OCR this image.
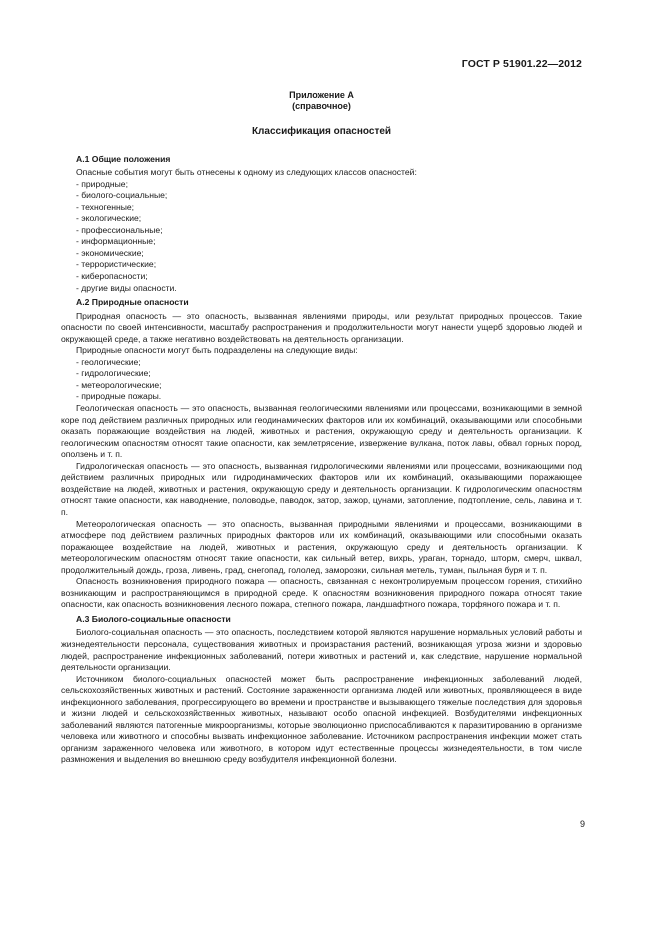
ГОСТ Р 51901.22—2012
Приложение А
(справочное)
Классификация опасностей
А.1 Общие положения

Опасные события могут быть отнесены к одному из следующих классов опасностей:

- природные;
- биолого-социальные;
- техногенные;
- экологические;
- профессиональные;
- информационные;
- экономические;
- террористические;
- киберопасности;
- другие виды опасности.
А.2 Природные опасности

Природная опасность — это опасность, вызванная явлениями природы, или результат природных процессов. Такие опасности по своей интенсивности, масштабу распространения и продолжительности могут нанести ущерб здоровью людей и окружающей среде, а также негативно воздействовать на деятельность организации.

Природные опасности могут быть подразделены на следующие виды:

- геологические;
- гидрологические;
- метеорологические;
- природные пожары.

Геологическая опасность — это опасность, вызванная геологическими явлениями или процессами, возникающими в земной коре под действием различных природных или геодинамических факторов или их комбинаций, оказывающими или способными оказать поражающие воздействия на людей, животных и растения, окружающую среду и деятельность организации. К геологическим опасностям относят такие опасности, как землетрясение, извержение вулкана, поток лавы, обвал горных пород, оползень и т. п.

Гидрологическая опасность — это опасность, вызванная гидрологическими явлениями или процессами, возникающими под действием различных природных или гидродинамических факторов или их комбинаций, оказывающими поражающее воздействие на людей, животных и растения, окружающую среду и деятельность организации. К гидрологическим опасностям относят такие опасности, как наводнение, половодье, паводок, затор, зажор, цунами, затопление, подтопление, сель, лавина и т. п.

Метеорологическая опасность — это опасность, вызванная природными явлениями и процессами, возникающими в атмосфере под действием различных природных факторов или их комбинаций, оказывающими или способными оказать поражающее воздействие на людей, животных и растения, окружающую среду и деятельность организации. К метеорологическим опасностям относят такие опасности, как сильный ветер, вихрь, ураган, торнадо, шторм, смерч, шквал, продолжительный дождь, гроза, ливень, град, снегопад, гололед, заморозки, сильная метель, туман, пыльная буря и т. п.

Опасность возникновения природного пожара — опасность, связанная с неконтролируемым процессом горения, стихийно возникающим и распространяющимся в природной среде. К опасностям возникновения природного пожара относят такие опасности, как опасность возникновения лесного пожара, степного пожара, ландшафтного пожара, торфяного пожара и т. п.

А.3 Биолого-социальные опасности

Биолого-социальная опасность — это опасность, последствием которой являются нарушение нормальных условий работы и жизнедеятельности персонала, существования животных и произрастания растений, возникающая угроза жизни и здоровью людей, распространение инфекционных заболеваний, потери животных и растений и, как следствие, нарушение нормальной деятельности организации.

Источником биолого-социальных опасностей может быть распространение инфекционных заболеваний людей, сельскохозяйственных животных и растений. Состояние зараженности организма людей или животных, проявляющееся в виде инфекционного заболевания, прогрессирующего во времени и пространстве и вызывающего тяжелые последствия для здоровья и жизни людей и сельскохозяйственных животных, называют особо опасной инфекцией. Возбудителями инфекционных заболеваний являются патогенные микроорганизмы, которые эволюционно приспосабливаются к паразитированию в организме человека или животного и способны вызвать инфекционное заболевание. Источником распространения инфекции может стать организм зараженного человека или животного, в котором идут естественные процессы жизнедеятельности, в том числе размножения и выделения во внешнюю среду возбудителя инфекционной болезни.

9
